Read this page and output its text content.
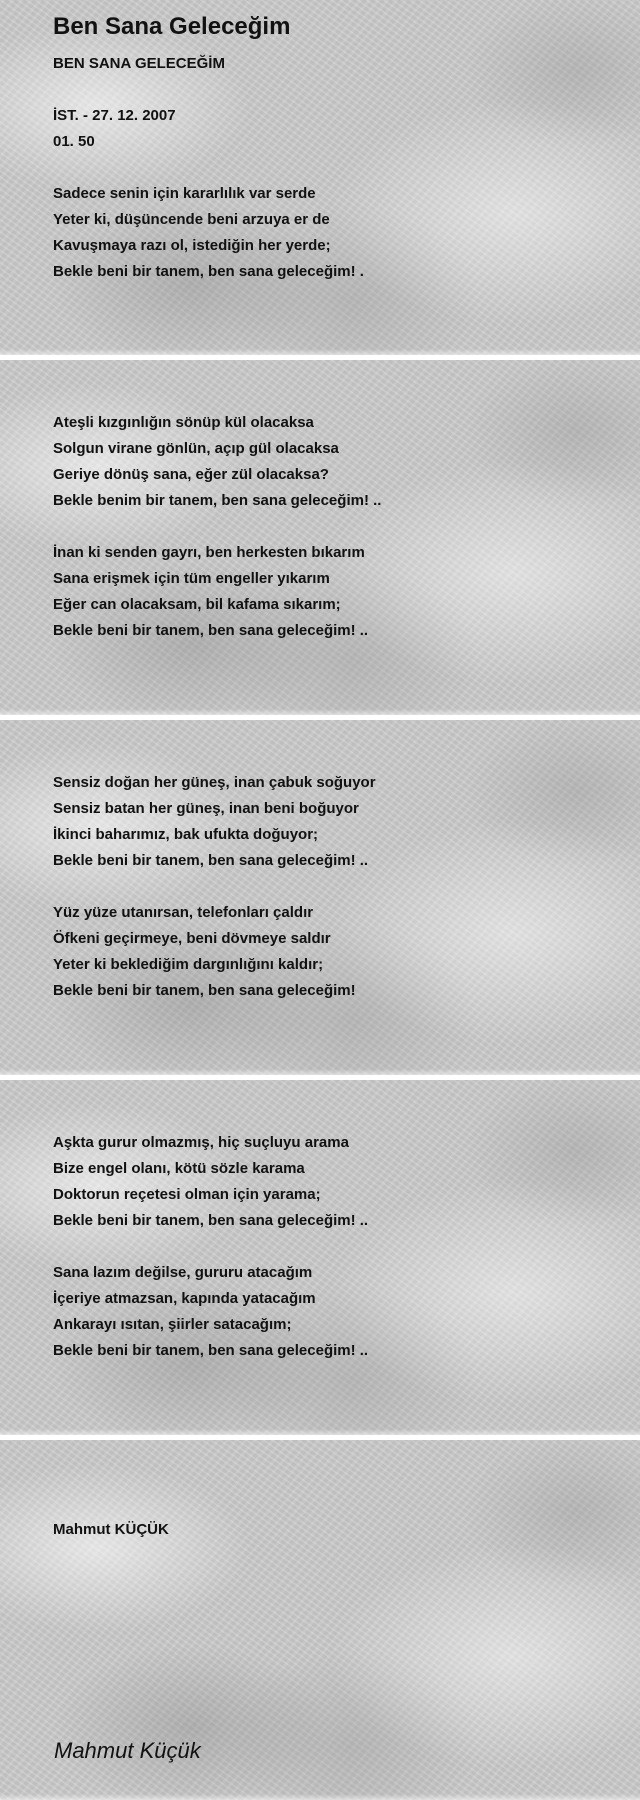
Ben Sana Geleceğim
BEN SANA GELECEĞİM
İST. - 27. 12. 2007
01. 50
Sadece senin için kararlılık var serde
Yeter ki, düşüncende beni arzuya er de
Kavuşmaya razı ol, istediğin her yerde;
Bekle beni bir tanem, ben sana geleceğim! .
Ateşli kızgınlığın sönüp kül olacaksa
Solgun virane gönlün, açıp gül olacaksa
Geriye dönüş sana, eğer zül olacaksa?
Bekle benim bir tanem, ben sana geleceğim! ..
İnan ki senden gayrı, ben herkesten bıkarım
Sana erişmek için tüm engeller yıkarım
Eğer can olacaksam, bil kafama sıkarım;
Bekle beni bir tanem, ben sana geleceğim! ..
Sensiz doğan her güneş, inan çabuk soğuyor
Sensiz batan her güneş, inan beni boğuyor
İkinci baharımız, bak ufukta doğuyor;
Bekle beni bir tanem, ben sana geleceğim! ..
Yüz yüze utanırsan, telefonları çaldır
Öfkeni geçirmeye, beni dövmeye saldır
Yeter ki beklediğim dargınlığını kaldır;
Bekle beni bir tanem, ben sana geleceğim!
Aşkta gurur olmazmış, hiç suçluyu arama
Bize engel olanı, kötü sözle karama
Doktorun reçetesi olman için yarama;
Bekle beni bir tanem, ben sana geleceğim! ..
Sana lazım değilse, gururu atacağım
İçeriye atmazsan, kapında yatacağım
Ankarayı ısıtan, şiirler satacağım;
Bekle beni bir tanem, ben sana geleceğim! ..
Mahmut KÜÇÜK
Mahmut Küçük
